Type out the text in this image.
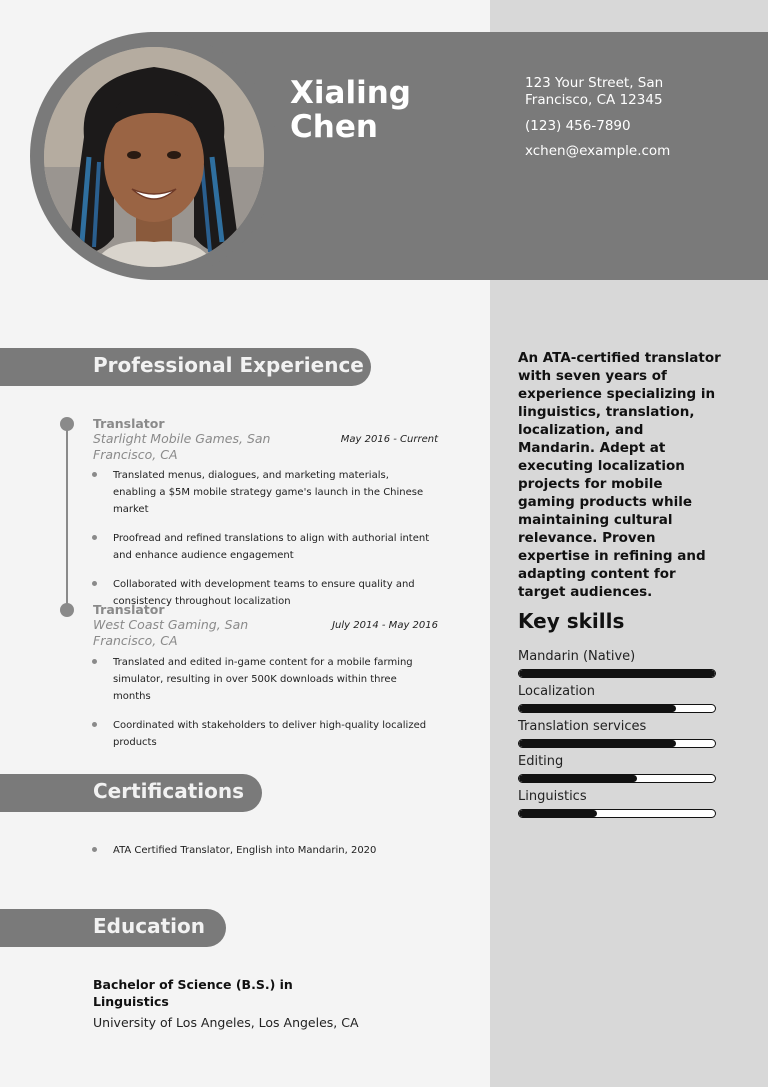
Xialing Chen
123 Your Street, San Francisco, CA 12345
(123) 456-7890
xchen@example.com
Professional Experience
Translator
Starlight Mobile Games, San Francisco, CA
May 2016 - Current
Translated menus, dialogues, and marketing materials, enabling a $5M mobile strategy game's launch in the Chinese market
Proofread and refined translations to align with authorial intent and enhance audience engagement
Collaborated with development teams to ensure quality and consistency throughout localization
Translator
West Coast Gaming, San Francisco, CA
July 2014 - May 2016
Translated and edited in-game content for a mobile farming simulator, resulting in over 500K downloads within three months
Coordinated with stakeholders to deliver high-quality localized products
Certifications
ATA Certified Translator, English into Mandarin, 2020
Education
Bachelor of Science (B.S.) in Linguistics
University of Los Angeles, Los Angeles, CA
An ATA-certified translator with seven years of experience specializing in linguistics, translation, localization, and Mandarin. Adept at executing localization projects for mobile gaming products while maintaining cultural relevance. Proven expertise in refining and adapting content for target audiences.
Key skills
Mandarin (Native)
Localization
Translation services
Editing
Linguistics
